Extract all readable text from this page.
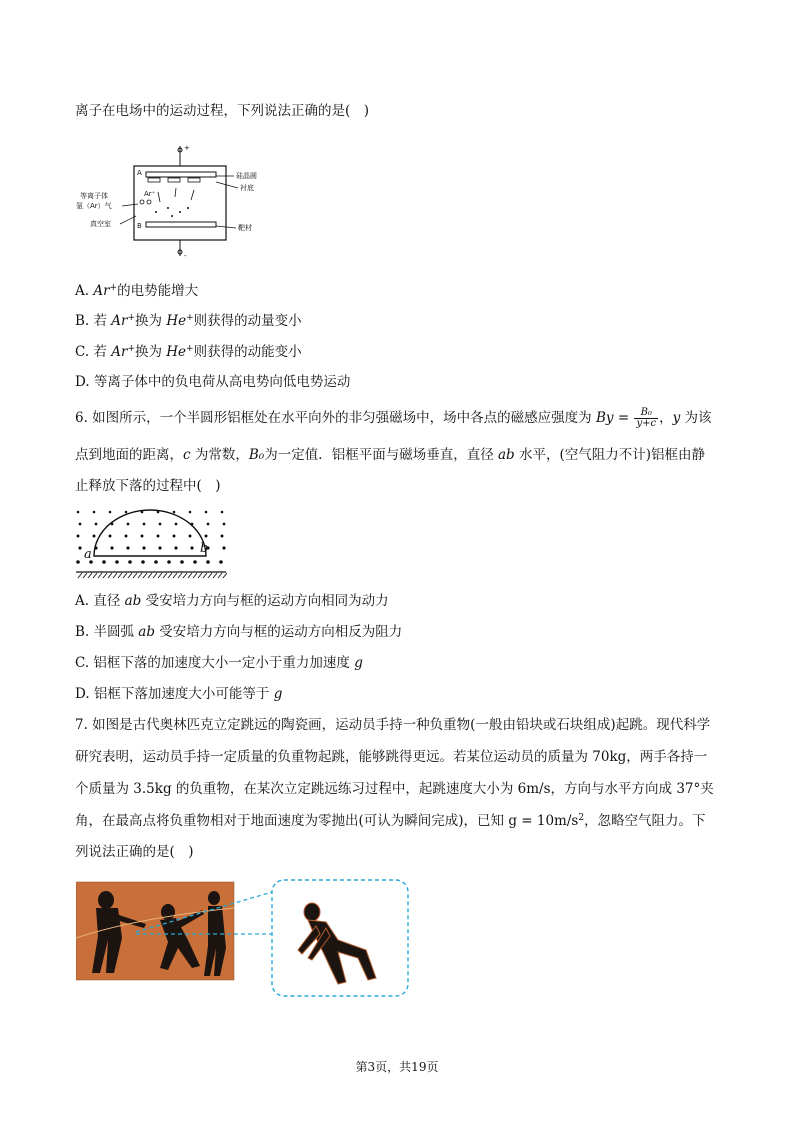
离子在电场中的运动过程，下列说法正确的是(　)
+
A
B
Ar⁺
-
硅晶圆
衬底
靶材
等离子体
氩（Ar）气
真空室
A. Ar+的电势能增大
B. 若 Ar+换为 He+则获得的动量变小
C. 若 Ar+换为 He+则获得的动能变小
D. 等离子体中的负电荷从高电势向低电势运动
6. 如图所示，一个半圆形铝框处在水平向外的非匀强磁场中，场中各点的磁感应强度为 $By = \frac{\text{B₀}}{y+c}$ ，y 为该
点到地面的距离，c 为常数，B₀为一定值．铝框平面与磁场垂直，直径 ab 水平，(空气阻力不计)铝框由静
止释放下落的过程中(　)
a	b
A. 直径 ab 受安培力方向与框的运动方向相同为动力
B. 半圆弧 ab 受安培力方向与框的运动方向相反为阻力
C. 铝框下落的加速度大小一定小于重力加速度 g
D. 铝框下落加速度大小可能等于 g
7. 如图是古代奥林匹克立定跳远的陶瓷画，运动员手持一种负重物(一般由铅块或石块组成)起跳。现代科学
研究表明，运动员手持一定质量的负重物起跳，能够跳得更远。若某位运动员的质量为 70kg，两手各持一
个质量为 3.5kg 的负重物，在某次立定跳远练习过程中，起跳速度大小为 6m/s，方向与水平方向成 37°夹
角，在最高点将负重物相对于地面速度为零抛出(可认为瞬间完成)，已知 $g = 10m/s^2$，忽略空气阻力。下
列说法正确的是(　)
第3页，共19页
